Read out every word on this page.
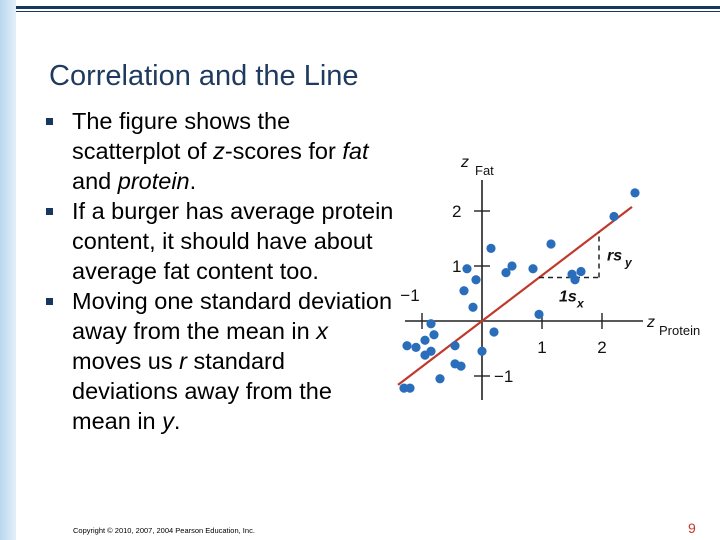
Correlation and the Line
The figure shows the scatterplot of z-scores for fat and protein.
If a burger has average protein content, it should have about average fat content too.
Moving one standard deviation away from the mean in x moves us r standard deviations away from the mean in y.
rs y
1s x
−1
1	2
2
1
−1
z Fat
z Protein
Copyright © 2010, 2007, 2004 Pearson Education, Inc.	9
